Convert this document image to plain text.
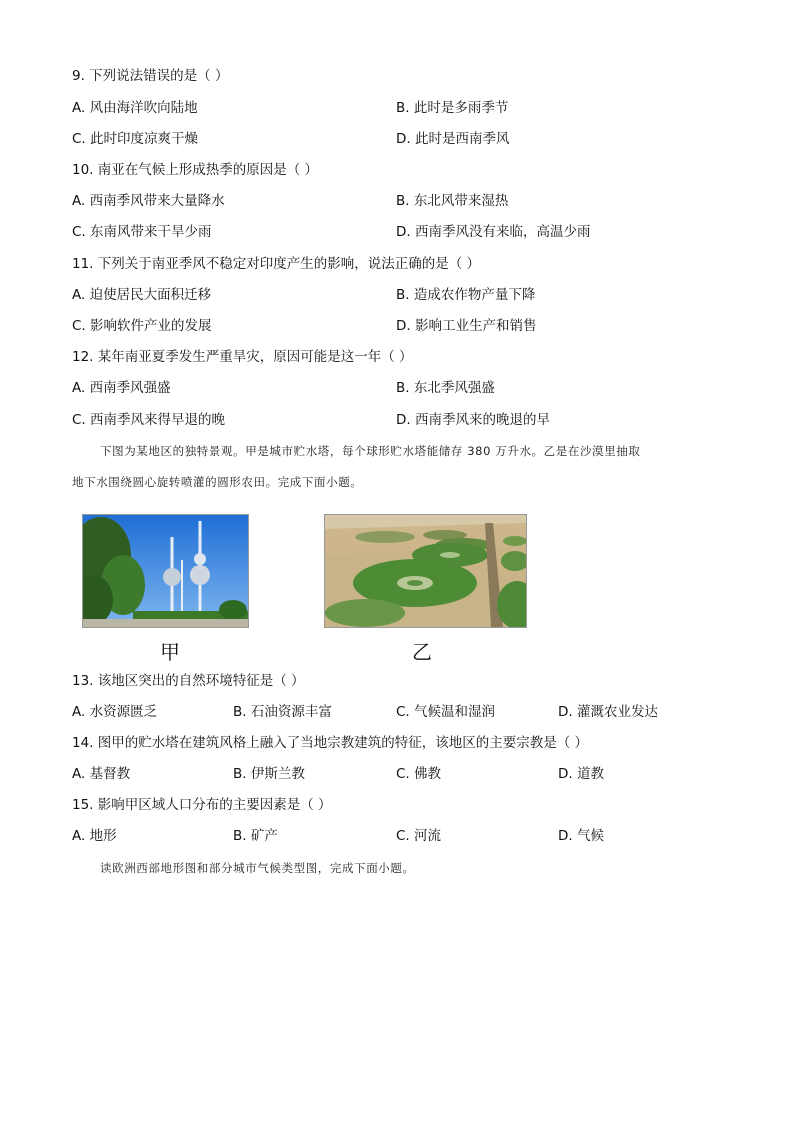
9. 下列说法错误的是（ ）
A. 风由海洋吹向陆地	B. 此时是多雨季节
C. 此时印度凉爽干燥	D. 此时是西南季风
10. 南亚在气候上形成热季的原因是（ ）
A. 西南季风带来大量降水	B. 东北风带来湿热
C. 东南风带来干旱少雨	D. 西南季风没有来临，高温少雨
11. 下列关于南亚季风不稳定对印度产生的影响，说法正确的是（ ）
A. 迫使居民大面积迁移	B. 造成农作物产量下降
C. 影响软件产业的发展	D. 影响工业生产和销售
12. 某年南亚夏季发生严重旱灾，原因可能是这一年（ ）
A. 西南季风强盛	B. 东北季风强盛
C. 西南季风来得早退的晚	D. 西南季风来的晚退的早
下图为某地区的独特景观。甲是城市贮水塔，每个球形贮水塔能储存 380 万升水。乙是在沙漠里抽取
地下水围绕圆心旋转喷灌的圆形农田。完成下面小题。
甲	乙
13. 该地区突出的自然环境特征是（ ）
A. 水资源匮乏	B. 石油资源丰富	C. 气候温和湿润	D. 灌溉农业发达
14. 图甲的贮水塔在建筑风格上融入了当地宗教建筑的特征，该地区的主要宗教是（ ）
A. 基督教	B. 伊斯兰教	C. 佛教	D. 道教
15. 影响甲区域人口分布的主要因素是（ ）
A. 地形	B. 矿产	C. 河流	D. 气候
读欧洲西部地形图和部分城市气候类型图，完成下面小题。
